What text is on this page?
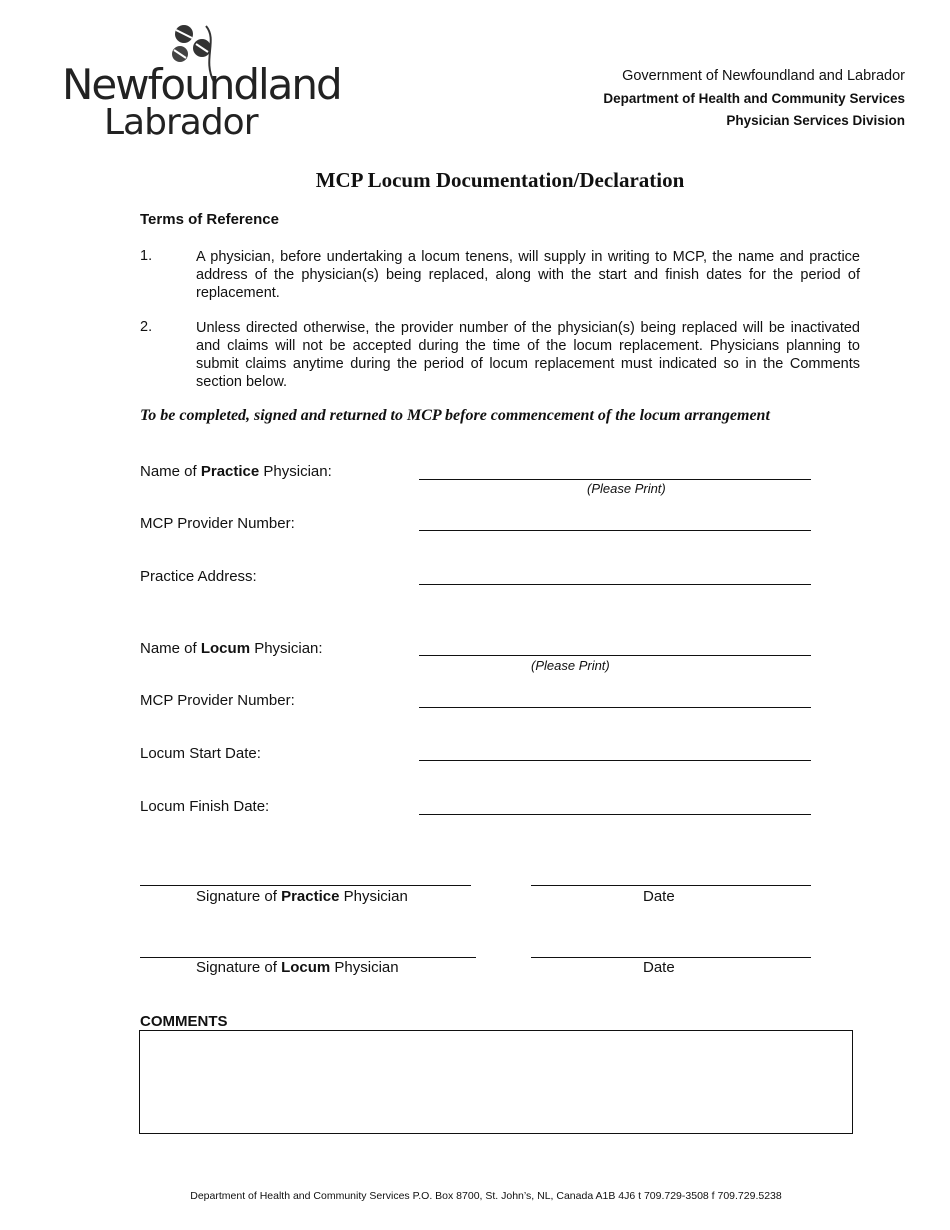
Newfoundland
Labrador
Government of Newfoundland and Labrador
Department of Health and Community Services
Physician Services Division
MCP Locum Documentation/Declaration
Terms of Reference
1.	A physician, before undertaking a locum tenens, will supply in writing to MCP, the name and practice address of the physician(s) being replaced, along with the start and finish dates for the period of replacement.

2.	Unless directed otherwise, the provider number of the physician(s) being replaced will be inactivated and claims will not be accepted during the time of the locum replacement. Physicians planning to submit claims anytime during the period of locum replacement must indicated so in the Comments section below.

To be completed, signed and returned to MCP before commencement of the locum arrangement
Name of Practice Physician:
(Please Print)
MCP Provider Number:
Practice Address:
Name of Locum Physician:
(Please Print)
MCP Provider Number:
Locum Start Date:
Locum Finish Date:
Signature of Practice Physician	Date
Signature of Locum Physician	Date
COMMENTS
Department of Health and Community Services P.O. Box 8700, St. John’s, NL, Canada A1B 4J6 t 709.729-3508 f 709.729.5238
